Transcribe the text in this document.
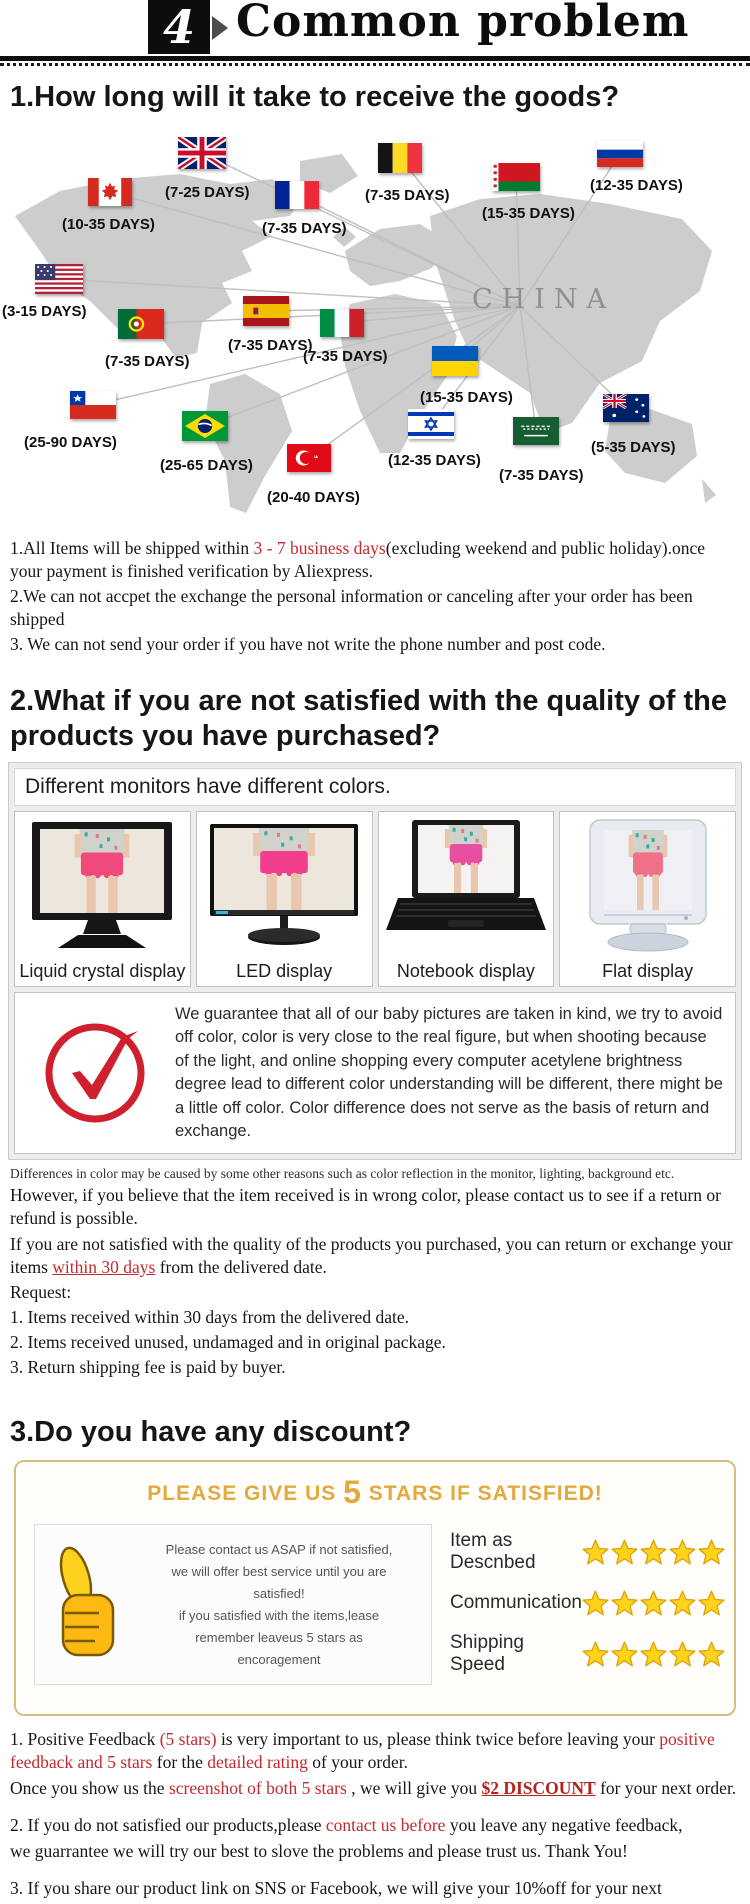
4 Common problem
1.How long will it take to receive the goods?
CHINA
(10-35 DAYS)
(7-25 DAYS)
(7-35 DAYS)
(7-35 DAYS)
(15-35 DAYS)
(12-35 DAYS)
(3-15 DAYS)
(7-35 DAYS)
(7-35 DAYS)
(7-35 DAYS)
(15-35 DAYS)
(25-90 DAYS)
(25-65 DAYS)
(20-40 DAYS)
(12-35 DAYS)
(7-35 DAYS)
(5-35 DAYS)

1.All Items will be shipped within 3 - 7 business days(excluding weekend and public holiday).once your payment is finished verification by Aliexpress.

2.We can not accpet the exchange the personal information or canceling after your order has been shipped

3. We can not send your order if you have not write the phone number and post code.

2.What if you are not satisfied with the quality of the products you have purchased?
Different monitors have different colors.
Liquid crystal display	LED display	Notebook display	Flat display
We guarantee that all of our baby pictures are taken in kind, we try to avoid off color, color is very close to the real figure, but when shooting because of the light, and online shopping every computer acetylene brightness degree lead to different color understanding will be different, there might be a little off color. Color difference does not serve as the basis of return and exchange.
Differences in color may be caused by some other reasons such as color reflection in the monitor, lighting, background etc.

However, if you believe that the item received is in wrong color, please contact us to see if a return or refund is possible.

If you are not satisfied with the quality of the products you purchased, you can return or exchange your items within 30 days from the delivered date.

Request:

1. Items received within 30 days from the delivered date.

2. Items received unused, undamaged and in original package.

3. Return shipping fee is paid by buyer.

3.Do you have any discount?
PLEASE GIVE US 5 STARS IF SATISFIED!
Please contact us ASAP if not satisfied,
we will offer best service until you are
satisfied!
if you satisfied with the items,lease
remember leaveus 5 stars as
encoragement
Item as Descnbed
Communication
Shipping Speed

1. Positive Feedback (5 stars) is very important to us, please think twice before leaving your positive feedback and 5 stars for the detailed rating of your order.

Once you show us the screenshot of both 5 stars , we will give you $2 DISCOUNT for your next order.

2. If you do not satisfied our products,please contact us before you leave any negative feedback,

we guarrantee we will try our best to slove the problems and please trust us. Thank You!

3. If you share our product link on SNS or Facebook, we will give your 10%off for your next
